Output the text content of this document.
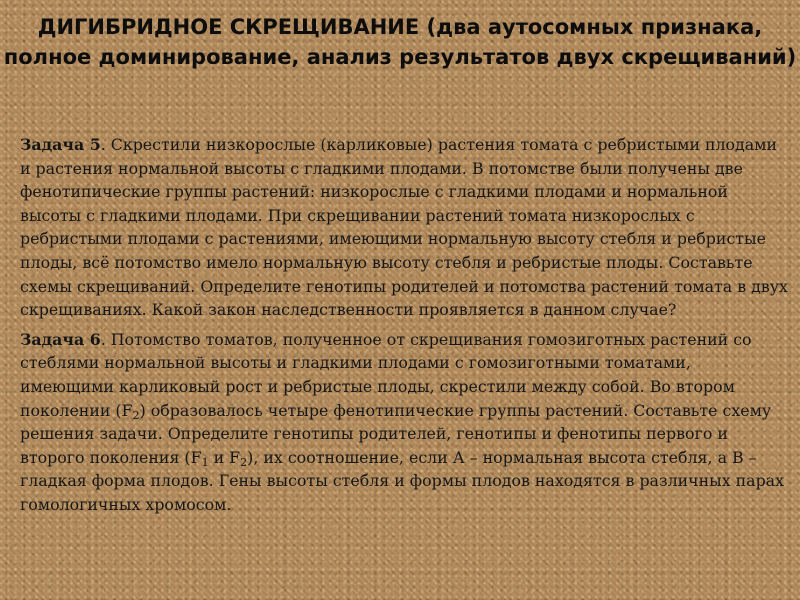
ДИГИБРИДНОЕ СКРЕЩИВАНИЕ (два аутосомных признака, полное доминирование, анализ результатов двух скрещиваний)

Задача 5. Скрестили низкорослые (карликовые) растения томата с ребристыми плодами и растения нормальной высоты с гладкими плодами. В потомстве были получены две фенотипические группы растений: низкорослые с гладкими плодами и нормальной высоты с гладкими плодами. При скрещивании растений томата низкорослых с ребристыми плодами с растениями, имеющими нормальную высоту стебля и ребристые плоды, всё потомство имело нормальную высоту стебля и ребристые плоды. Составьте схемы скрещиваний. Определите генотипы родителей и потомства растений томата в двух скрещиваниях. Какой закон наследственности проявляется в данном случае?

Задача 6. Потомство томатов, полученное от скрещивания гомозиготных растений со стеблями нормальной высоты и гладкими плодами с гомозиготными томатами, имеющими карликовый рост и ребристые плоды, скрестили между собой. Во втором поколении $(F_2)$ образовалось четыре фенотипические группы растений. Составьте схему решения задачи. Определите генотипы родителей, генотипы и фенотипы первого и второго поколения ($F_1$ и $F_2$), их соотношение, если А – нормальная высота стебля, а В – гладкая форма плодов. Гены высоты стебля и формы плодов находятся в различных парах гомологичных хромосом.
